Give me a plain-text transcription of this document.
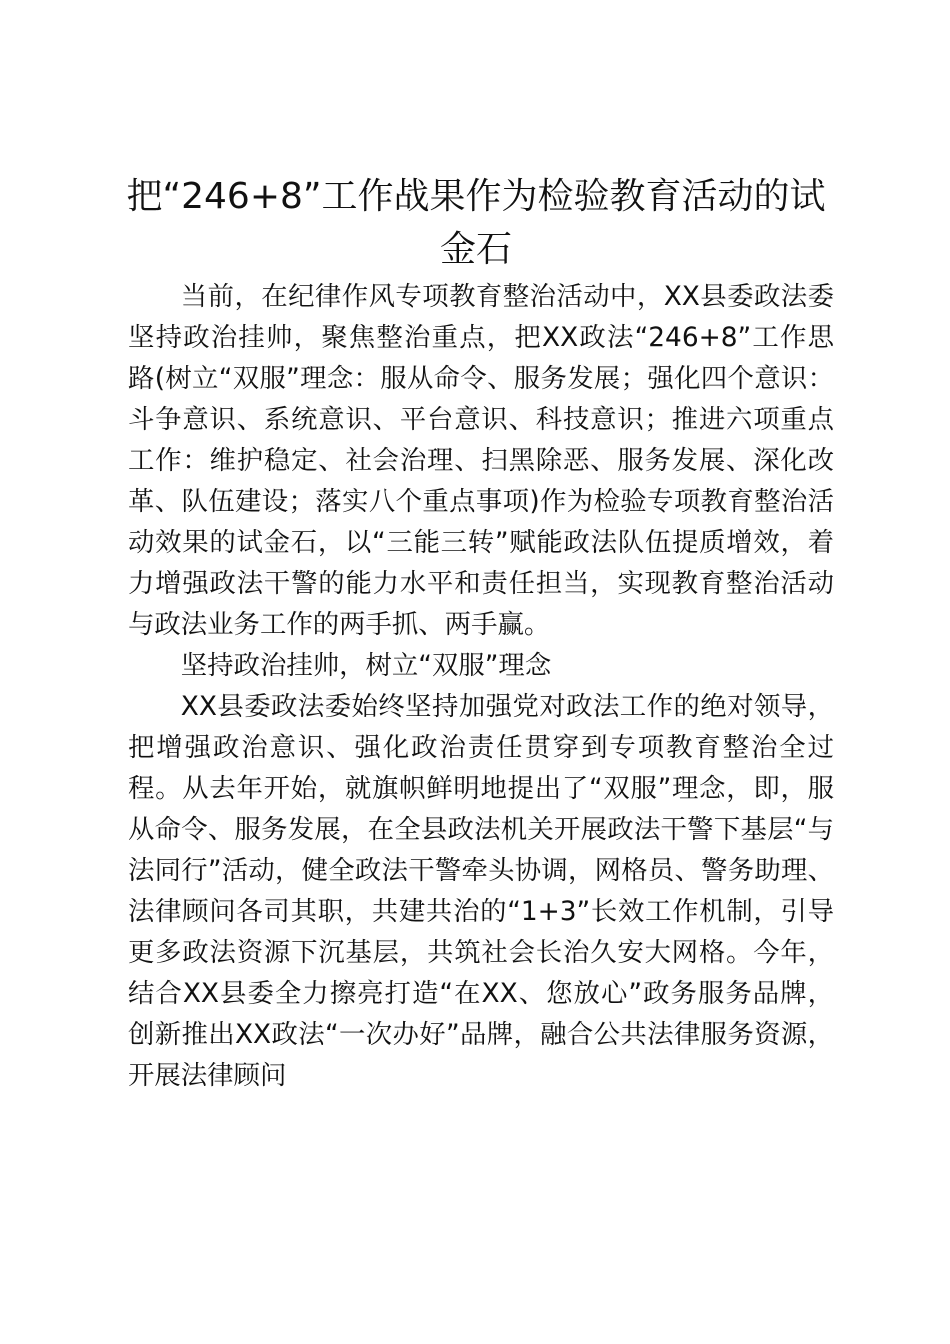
把“246+8”工作战果作为检验教育活动的试金石

当前，在纪律作风专项教育整治活动中，XX县委政法委坚持政治挂帅，聚焦整治重点，把XX政法“246+8”工作思路(树立“双服”理念：服从命令、服务发展；强化四个意识：斗争意识、系统意识、平台意识、科技意识；推进六项重点工作：维护稳定、社会治理、扫黑除恶、服务发展、深化改革、队伍建设；落实八个重点事项)作为检验专项教育整治活动效果的试金石，以“三能三转”赋能政法队伍提质增效，着力增强政法干警的能力水平和责任担当，实现教育整治活动与政法业务工作的两手抓、两手赢。

坚持政治挂帅，树立“双服”理念

XX县委政法委始终坚持加强党对政法工作的绝对领导，把增强政治意识、强化政治责任贯穿到专项教育整治全过程。从去年开始，就旗帜鲜明地提出了“双服”理念，即，服从命令、服务发展，在全县政法机关开展政法干警下基层“与法同行”活动，健全政法干警牵头协调，网格员、警务助理、法律顾问各司其职，共建共治的“1+3”长效工作机制，引导更多政法资源下沉基层，共筑社会长治久安大网格。今年，结合XX县委全力擦亮打造“在XX、您放心”政务服务品牌，创新推出XX政法“一次办好”品牌，融合公共法律服务资源，开展法律顾问
